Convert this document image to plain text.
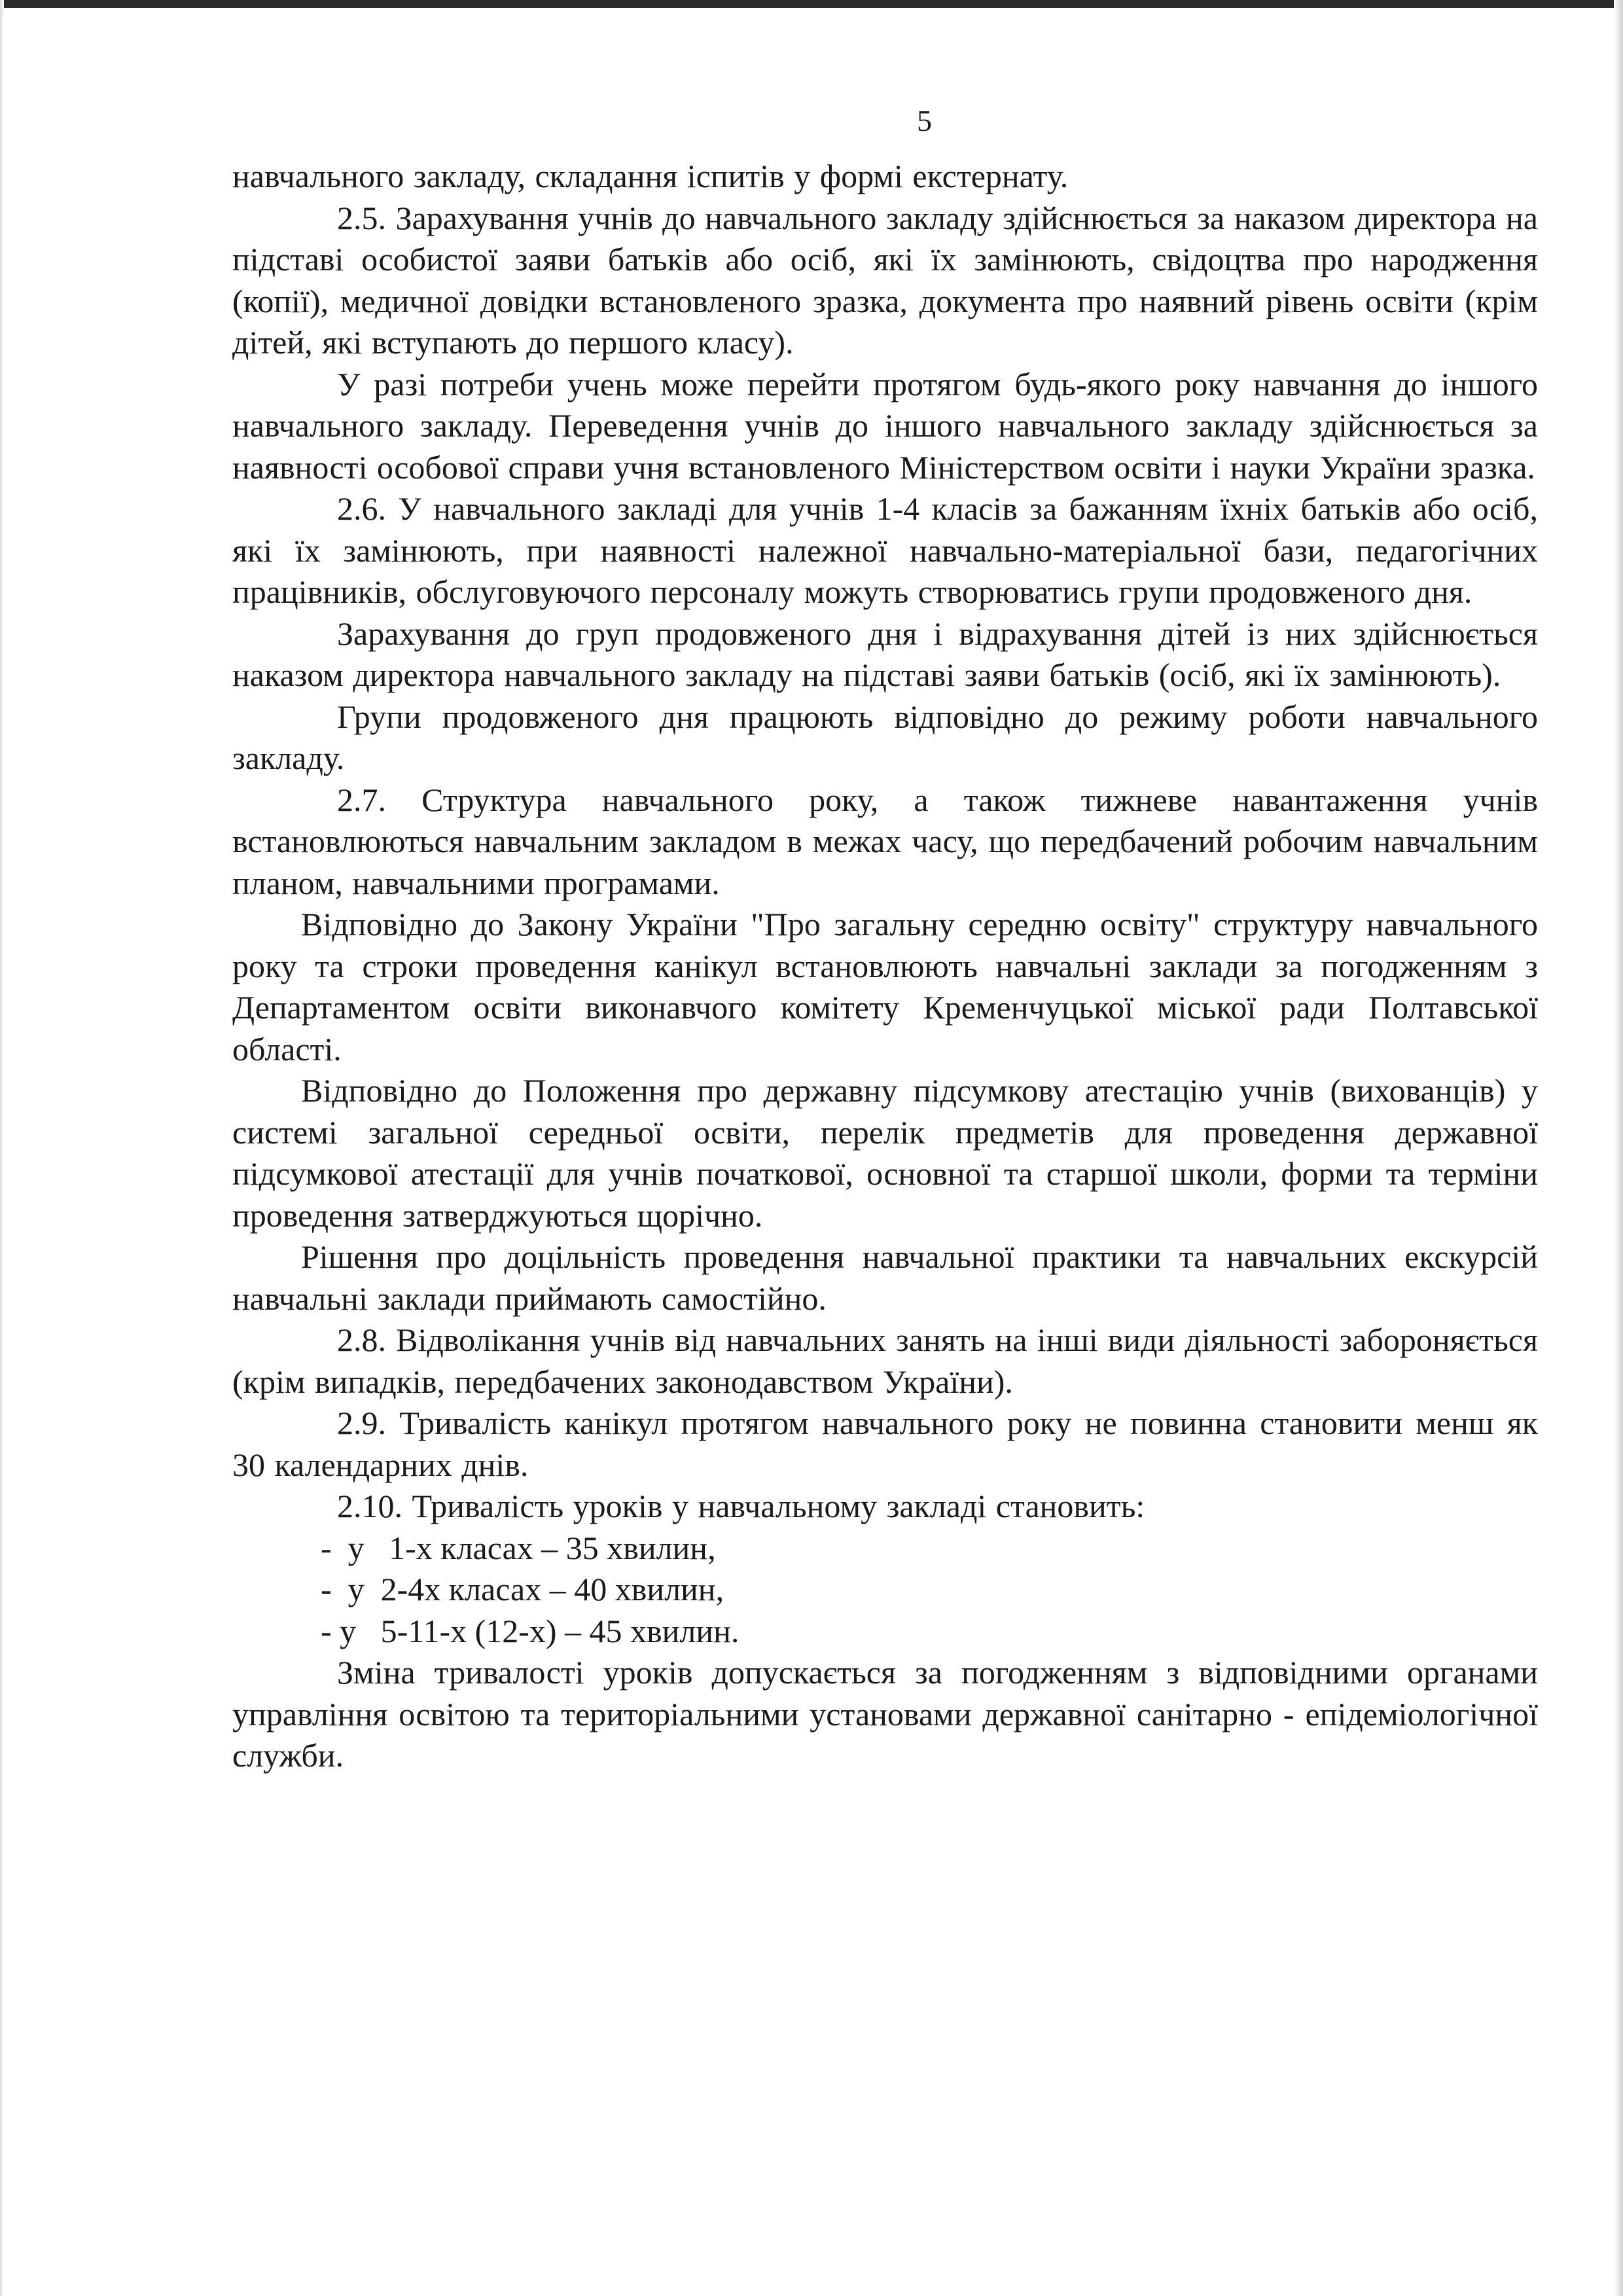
5

навчального закладу, складання іспитів у формі екстернату.

2.5. Зарахування учнів до навчального закладу здійснюється за наказом директора на підставі особистої заяви батьків або осіб, які їх замінюють, свідоцтва про народження (копії), медичної довідки встановленого зразка, документа про наявний рівень освіти (крім дітей, які вступають до першого класу).

У разі потреби учень може перейти протягом будь-якого року навчання до іншого навчального закладу. Переведення учнів до іншого навчального закладу здійснюється за наявності особової справи учня встановленого Міністерством освіти і науки України зразка.

2.6. У навчального закладі для учнів 1-4 класів за бажанням їхніх батьків або осіб, які їх замінюють, при наявності належної навчально-матеріальної бази, педагогічних працівників, обслуговуючого персоналу можуть створюватись групи продовженого дня.

Зарахування до груп продовженого дня і відрахування дітей із них здійснюється наказом директора навчального закладу на підставі заяви батьків (осіб, які їх замінюють).

Групи продовженого дня працюють відповідно до режиму роботи навчального закладу.

2.7. Структура навчального року, а також тижневе навантаження учнів встановлюються навчальним закладом в межах часу, що передбачений робочим навчальним планом, навчальними програмами.

Відповідно до Закону України "Про загальну середню освіту" структуру навчального року та строки проведення канікул встановлюють навчальні заклади за погодженням з Департаментом освіти виконавчого комітету Кременчуцької міської ради Полтавської області.

Відповідно до Положення про державну підсумкову атестацію учнів (вихованців) у системі загальної середньої освіти, перелік предметів для проведення державної підсумкової атестації для учнів початкової, основної та старшої школи, форми та терміни проведення затверджуються щорічно.

Рішення про доцільність проведення навчальної практики та навчальних екскурсій навчальні заклади приймають самостійно.

2.8. Відволікання учнів від навчальних занять на інші види діяльності забороняється (крім випадків, передбачених законодавством України).

2.9. Тривалість канікул протягом навчального року не повинна становити менш як 30 календарних днів.

2.10. Тривалість уроків у навчальному закладі становить:

-  у   1-х класах – 35 хвилин,
-  у  2-4х класах – 40 хвилин,
- у   5-11-х (12-х) – 45 хвилин.

Зміна тривалості уроків допускається за погодженням з відповідними органами управління освітою та територіальними установами державної санітарно - епідеміологічної служби.
